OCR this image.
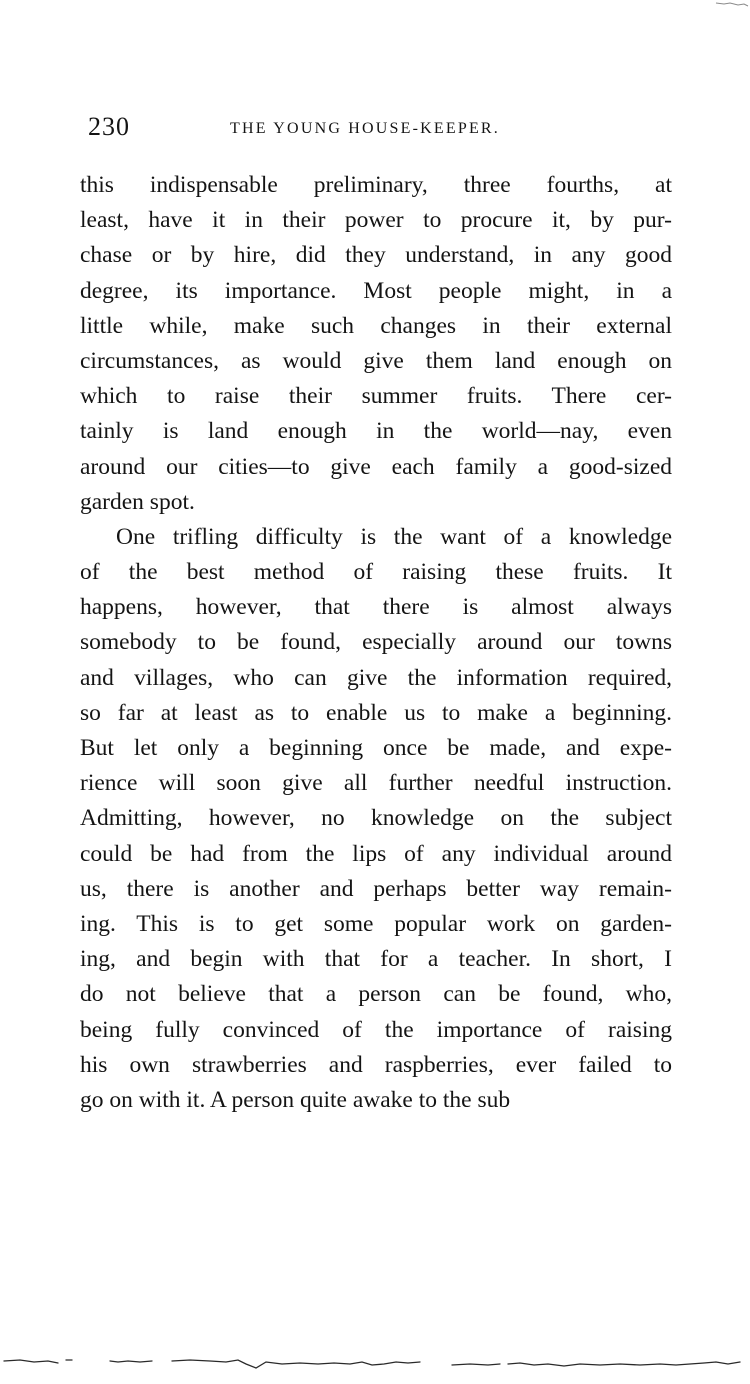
230	THE YOUNG HOUSE-KEEPER.
this indispensable preliminary, three fourths, at
least, have it in their power to procure it, by pur-
chase or by hire, did they understand, in any good
degree, its importance. Most people might, in a
little while, make such changes in their external
circumstances, as would give them land enough on
which to raise their summer fruits. There cer-
tainly is land enough in the world—nay, even
around our cities—to give each family a good-sized
garden spot.
One trifling difficulty is the want of a knowledge
of the best method of raising these fruits. It
happens, however, that there is almost always
somebody to be found, especially around our towns
and villages, who can give the information required,
so far at least as to enable us to make a beginning.
But let only a beginning once be made, and expe-
rience will soon give all further needful instruction.
Admitting, however, no knowledge on the subject
could be had from the lips of any individual around
us, there is another and perhaps better way remain-
ing. This is to get some popular work on garden-
ing, and begin with that for a teacher. In short, I
do not believe that a person can be found, who,
being fully convinced of the importance of raising
his own strawberries and raspberries, ever failed to
go on with it. A person quite awake to the sub
